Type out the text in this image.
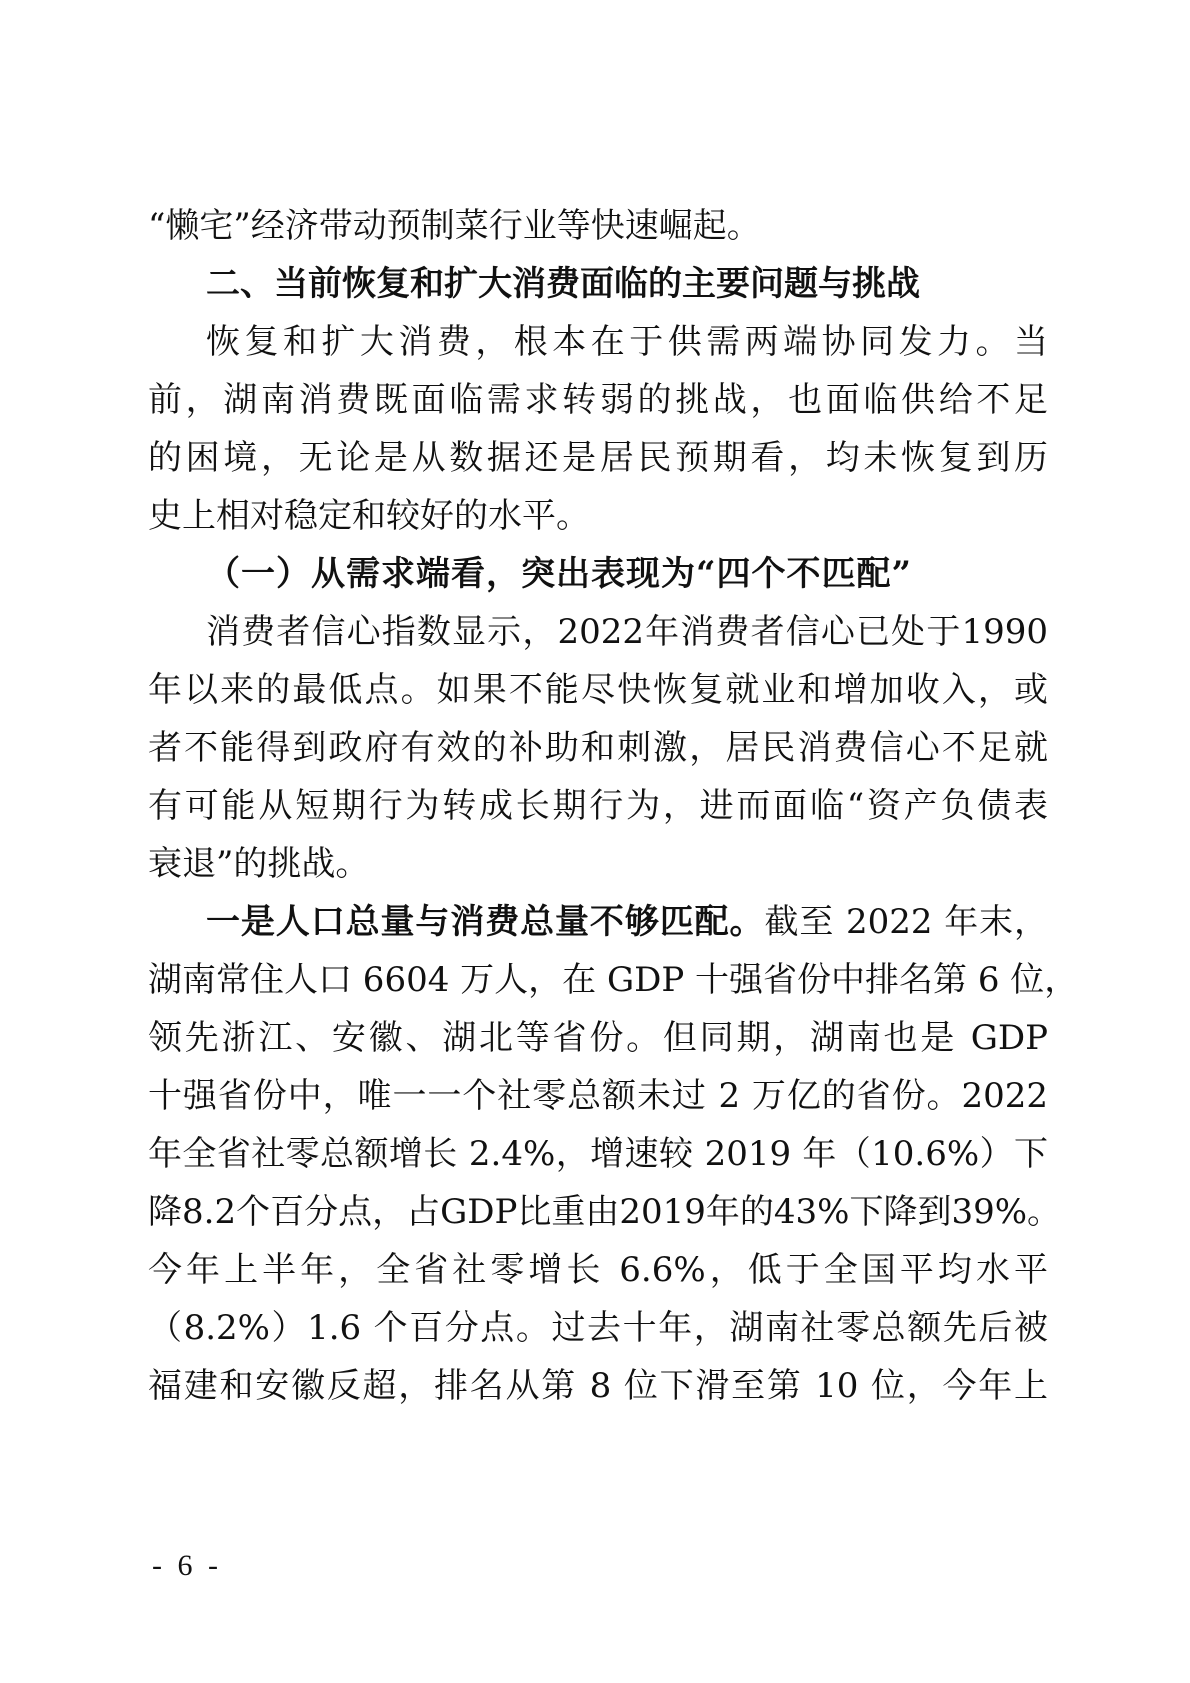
“懒宅”经济带动预制菜行业等快速崛起。
二、当前恢复和扩大消费面临的主要问题与挑战
恢复和扩大消费，根本在于供需两端协同发力。当
前，湖南消费既面临需求转弱的挑战，也面临供给不足
的困境，无论是从数据还是居民预期看，均未恢复到历
史上相对稳定和较好的水平。
（一）从需求端看，突出表现为“四个不匹配”
消费者信心指数显示，2022年消费者信心已处于1990
年以来的最低点。如果不能尽快恢复就业和增加收入，或
者不能得到政府有效的补助和刺激，居民消费信心不足就
有可能从短期行为转成长期行为，进而面临“资产负债表
衰退”的挑战。
一是人口总量与消费总量不够匹配。截至 2022 年末，
湖南常住人口 6604 万人，在 GDP 十强省份中排名第 6 位，
领先浙江、安徽、湖北等省份。但同期，湖南也是 GDP
十强省份中，唯一一个社零总额未过 2 万亿的省份。2022
年全省社零总额增长 2.4%，增速较 2019 年（10.6%）下
降8.2个百分点，占GDP比重由2019年的43%下降到39%。
今年上半年，全省社零增长 6.6%，低于全国平均水平
（8.2%）1.6 个百分点。过去十年，湖南社零总额先后被
福建和安徽反超，排名从第 8 位下滑至第 10 位，今年上
- 6 -
